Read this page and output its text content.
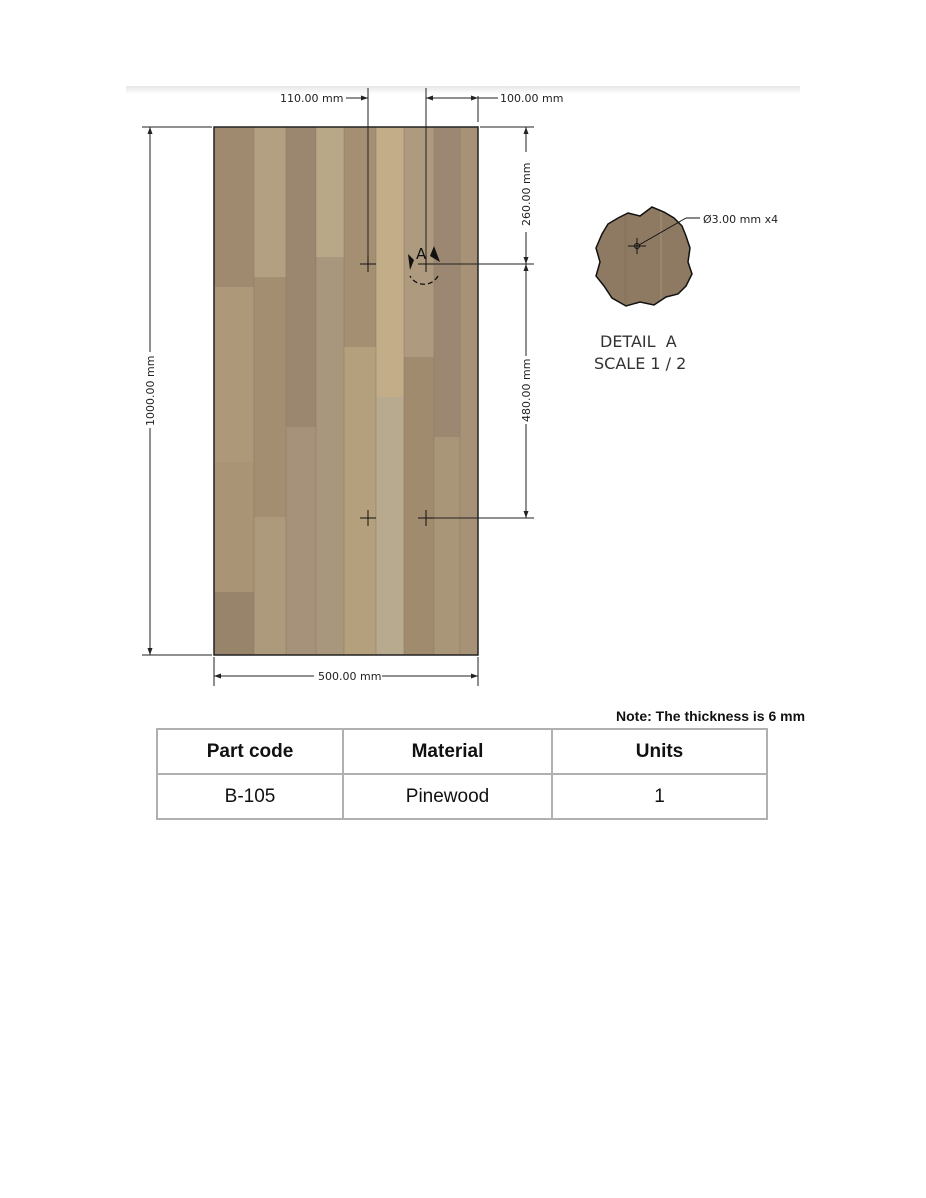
110.00 mm	100.00 mm
260.00 mm
480.00 mm
1000.00 mm
500.00 mm
A
Ø3.00 mm x4
DETAIL  A
SCALE 1 / 2
Note: The thickness is 6 mm
Part code	Material	Units
B-105	Pinewood	1
